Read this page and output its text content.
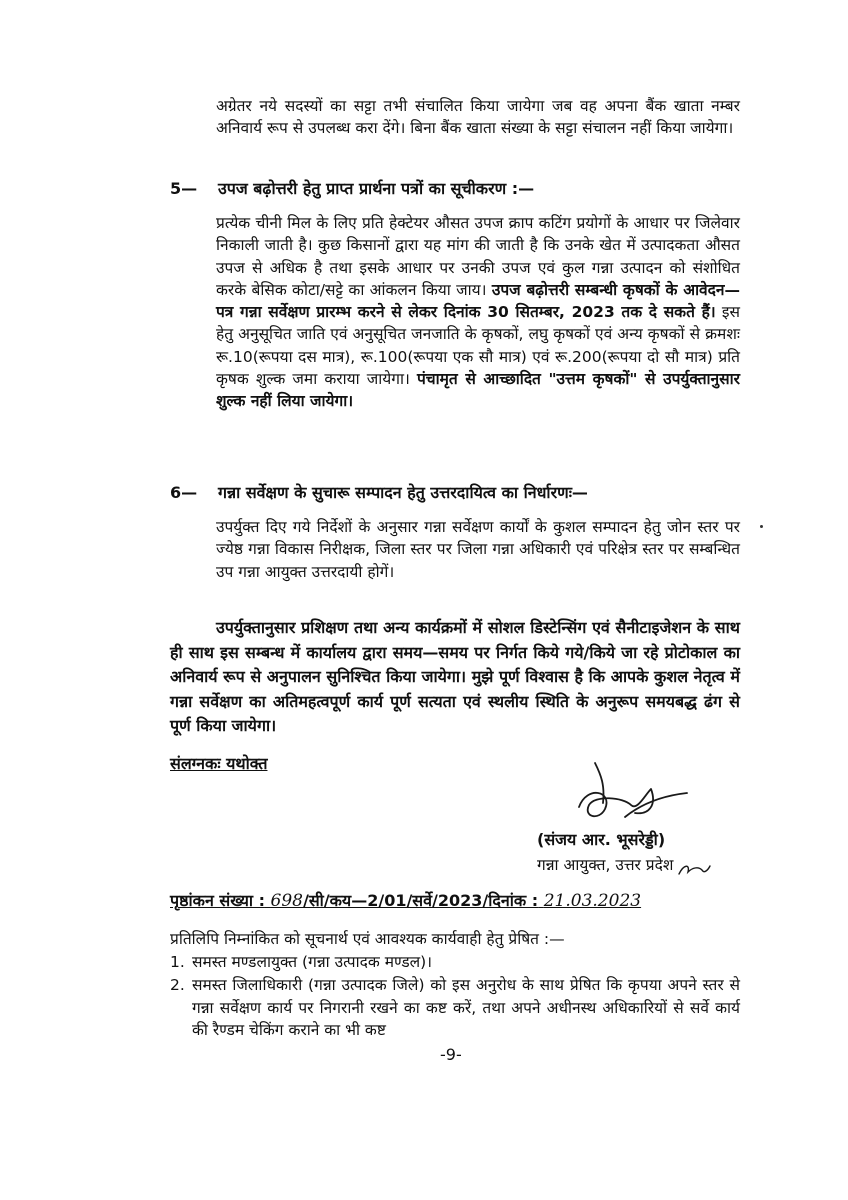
अग्रेतर नये सदस्यों का सट्टा तभी संचालित किया जायेगा जब वह अपना बैंक खाता नम्बर अनिवार्य रूप से उपलब्ध करा देंगे। बिना बैंक खाता संख्या के सट्टा संचालन नहीं किया जायेगा।

5— उपज बढ़ोत्तरी हेतु प्राप्त प्रार्थना पत्रों का सूचीकरण :—

प्रत्येक चीनी मिल के लिए प्रति हेक्टेयर औसत उपज क्राप कटिंग प्रयोगों के आधार पर जिलेवार निकाली जाती है। कुछ किसानों द्वारा यह मांग की जाती है कि उनके खेत में उत्पादकता औसत उपज से अधिक है तथा इसके आधार पर उनकी उपज एवं कुल गन्ना उत्पादन को संशोधित करके बेसिक कोटा/सट्टे का आंकलन किया जाय। उपज बढ़ोत्तरी सम्बन्धी कृषकों के आवेदन—पत्र गन्ना सर्वेक्षण प्रारम्भ करने से लेकर दिनांक 30 सितम्बर, 2023 तक दे सकते हैं। इस हेतु अनुसूचित जाति एवं अनुसूचित जनजाति के कृषकों, लघु कृषकों एवं अन्य कृषकों से क्रमशः रू.10(रूपया दस मात्र), रू.100(रूपया एक सौ मात्र) एवं रू.200(रूपया दो सौ मात्र) प्रति कृषक शुल्क जमा कराया जायेगा। पंचामृत से आच्छादित "उत्तम कृषकों" से उपर्युक्तानुसार शुल्क नहीं लिया जायेगा।

6— गन्ना सर्वेक्षण के सुचारू सम्पादन हेतु उत्तरदायित्व का निर्धारणः—

उपर्युक्त दिए गये निर्देशों के अनुसार गन्ना सर्वेक्षण कार्यों के कुशल सम्पादन हेतु जोन स्तर पर ज्येष्ठ गन्ना विकास निरीक्षक, जिला स्तर पर जिला गन्ना अधिकारी एवं परिक्षेत्र स्तर पर सम्बन्धित उप गन्ना आयुक्त उत्तरदायी होगें।

उपर्युक्तानुसार प्रशिक्षण तथा अन्य कार्यक्रमों में सोशल डिस्टेन्सिंग एवं सैनीटाइजेशन के साथ ही साथ इस सम्बन्ध में कार्यालय द्वारा समय—समय पर निर्गत किये गये/किये जा रहे प्रोटोकाल का अनिवार्य रूप से अनुपालन सुनिश्चित किया जायेगा। मुझे पूर्ण विश्वास है कि आपके कुशल नेतृत्व में गन्ना सर्वेक्षण का अतिमहत्वपूर्ण कार्य पूर्ण सत्यता एवं स्थलीय स्थिति के अनुरूप समयबद्ध ढंग से पूर्ण किया जायेगा।

संलग्नकः यथोक्त
(संजय आर. भूसरेड्डी)
गन्ना आयुक्त, उत्तर प्रदेश
पृष्ठांकन संख्या : 698/सी/कय—2/01/सर्वे/2023/दिनांक : 21.03.2023

प्रतिलिपि निम्नांकित को सूचनार्थ एवं आवश्यक कार्यवाही हेतु प्रेषित :—

1. समस्त मण्डलायुक्त (गन्ना उत्पादक मण्डल)।

2. समस्त जिलाधिकारी (गन्ना उत्पादक जिले) को इस अनुरोध के साथ प्रेषित कि कृपया अपने स्तर से गन्ना सर्वेक्षण कार्य पर निगरानी रखने का कष्ट करें, तथा अपने अधीनस्थ अधिकारियों से सर्वे कार्य की रैण्डम चेकिंग कराने का भी कष्ट

-9-
